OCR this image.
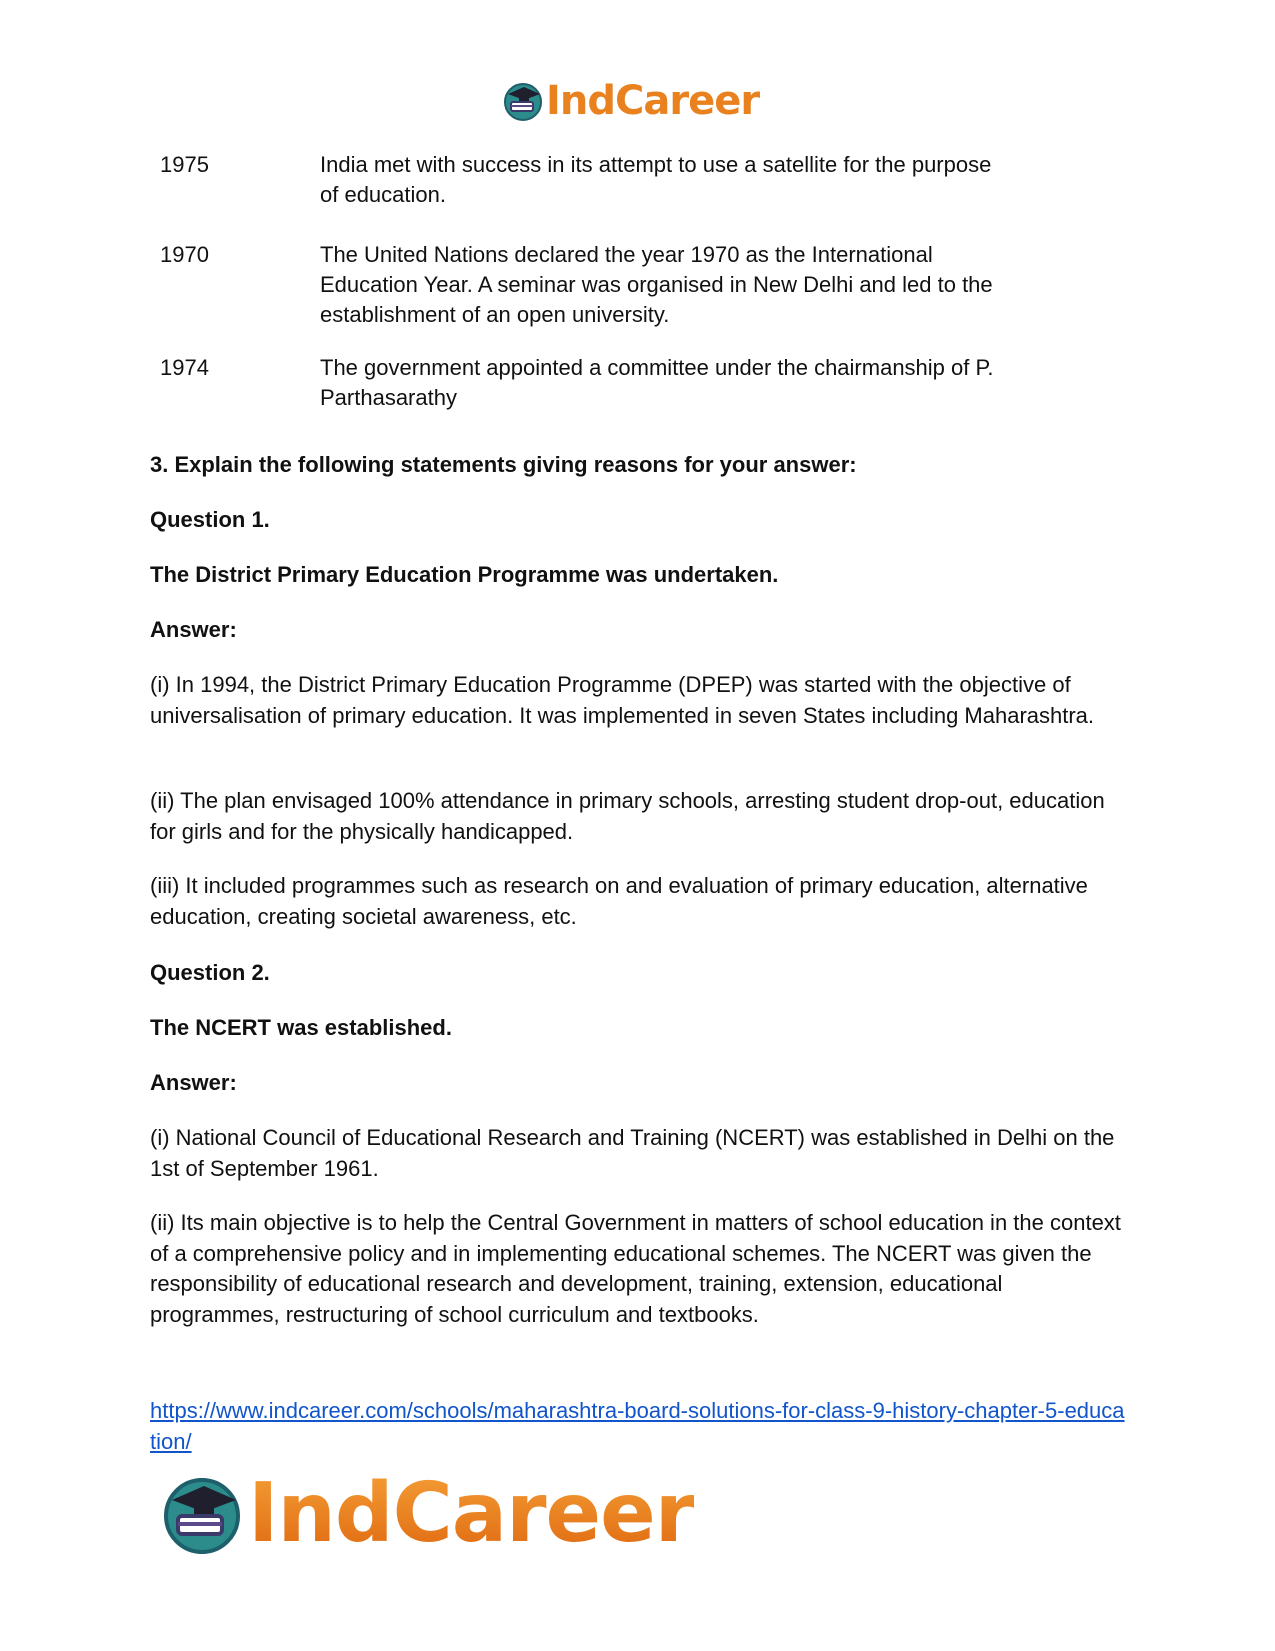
IndCareer
1975	India met with success in its attempt to use a satellite for the purpose of education.
1970	The United Nations declared the year 1970 as the International Education Year. A seminar was organised in New Delhi and led to the establishment of an open university.
1974	The government appointed a committee under the chairmanship of P. Parthasarathy
3. Explain the following statements giving reasons for your answer:
Question 1.
The District Primary Education Programme was undertaken.
Answer:
(i) In 1994, the District Primary Education Programme (DPEP) was started with the objective of universalisation of primary education. It was implemented in seven States including Maharashtra.
(ii) The plan envisaged 100% attendance in primary schools, arresting student drop-out, education for girls and for the physically handicapped.
(iii) It included programmes such as research on and evaluation of primary education, alternative education, creating societal awareness, etc.
Question 2.
The NCERT was established.
Answer:
(i) National Council of Educational Research and Training (NCERT) was established in Delhi on the 1st of September 1961.
(ii) Its main objective is to help the Central Government in matters of school education in the context of a comprehensive policy and in implementing educational schemes. The NCERT was given the responsibility of educational research and development, training, extension, educational programmes, restructuring of school curriculum and textbooks.
https://www.indcareer.com/schools/maharashtra-board-solutions-for-class-9-history-chapter-5-education/
IndCareer
